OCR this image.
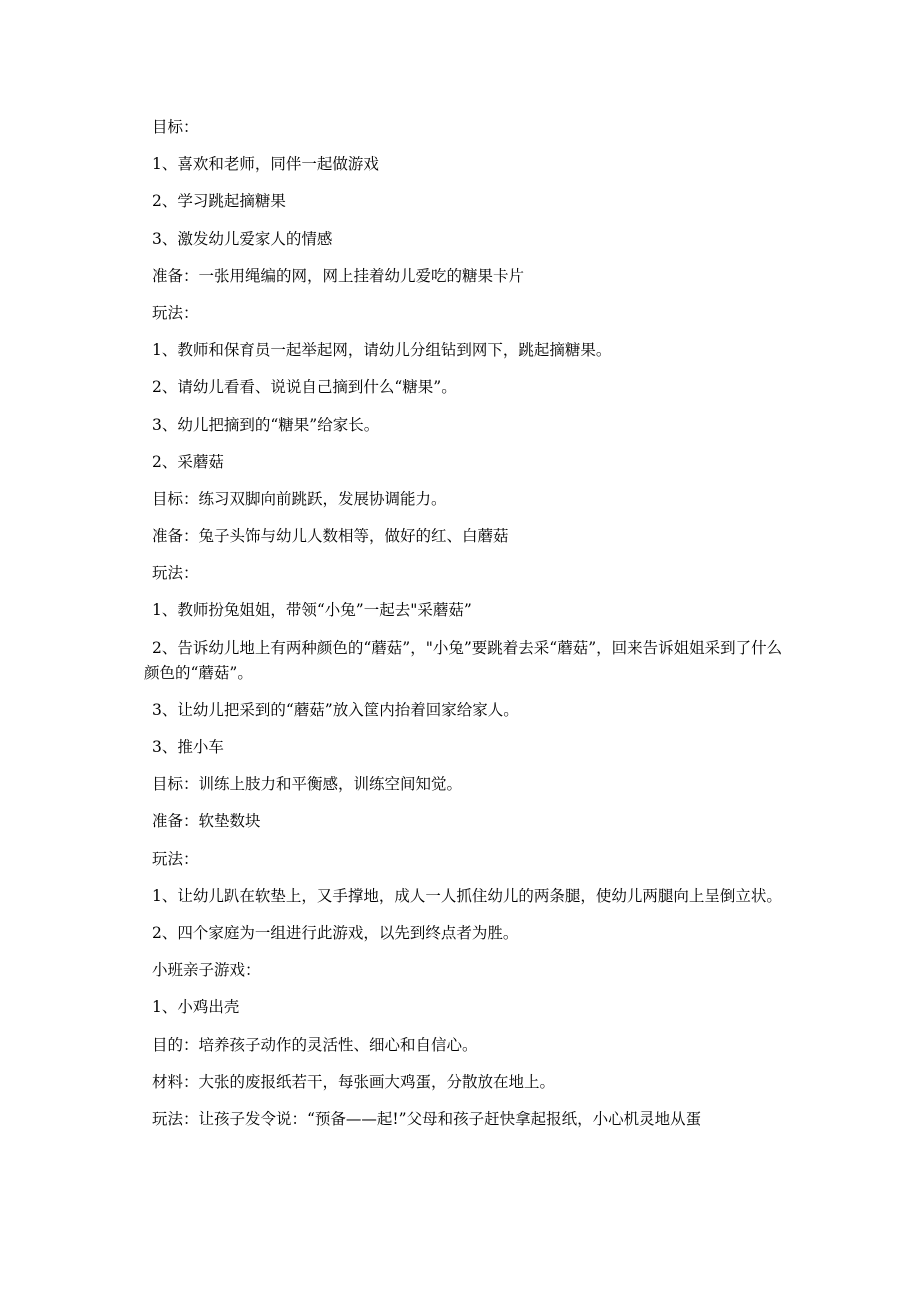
目标：

1、喜欢和老师，同伴一起做游戏

2、学习跳起摘糖果

3、激发幼儿爱家人的情感

准备：一张用绳编的网，网上挂着幼儿爱吃的糖果卡片

玩法：

1、教师和保育员一起举起网，请幼儿分组钻到网下，跳起摘糖果。

2、请幼儿看看、说说自己摘到什么“糖果”。

3、幼儿把摘到的“糖果”给家长。

2、采蘑菇

目标：练习双脚向前跳跃，发展协调能力。

准备：兔子头饰与幼儿人数相等，做好的红、白蘑菇

玩法：

1、教师扮兔姐姐，带领“小兔”一起去"采蘑菇”

2、告诉幼儿地上有两种颜色的“蘑菇”，"小兔”要跳着去采“蘑菇”，回来告诉姐姐采到了什么颜色的“蘑菇”。

3、让幼儿把采到的“蘑菇”放入筐内抬着回家给家人。

3、推小车

目标：训练上肢力和平衡感，训练空间知觉。

准备：软垫数块

玩法：

1、让幼儿趴在软垫上，又手撑地，成人一人抓住幼儿的两条腿，使幼儿两腿向上呈倒立状。

2、四个家庭为一组进行此游戏，以先到终点者为胜。

小班亲子游戏：

1、小鸡出壳

目的：培养孩子动作的灵活性、细心和自信心。

材料：大张的废报纸若干，每张画大鸡蛋，分散放在地上。

玩法：让孩子发令说：“预备——起!”父母和孩子赶快拿起报纸，小心机灵地从蛋
